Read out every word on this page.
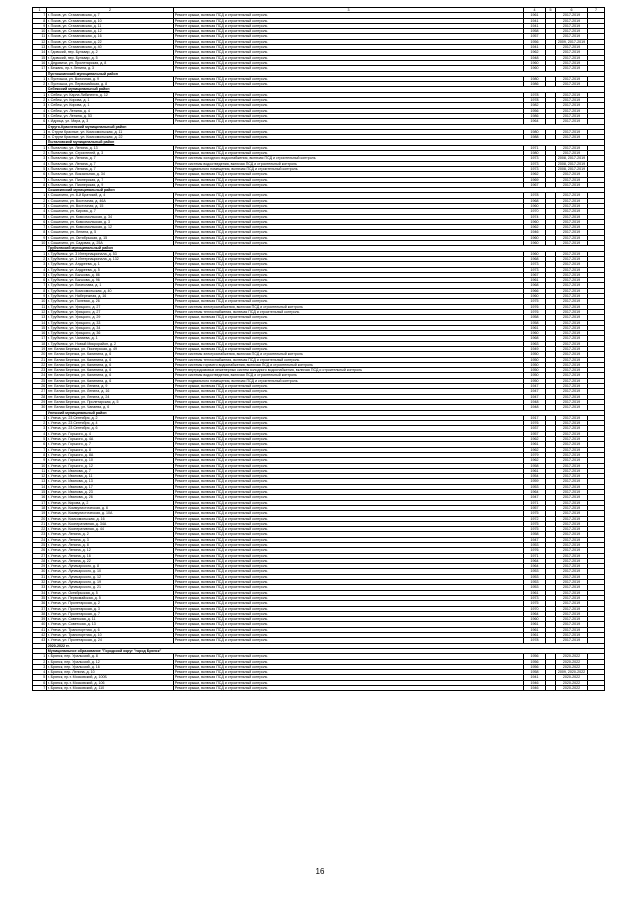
1	2	3	4	5	6	7
7	г. Псков, ул. Стахановская, д. 7	Ремонт крыши, включая ПСД и строительный контроль	1961		2017-2019	
8	г. Псков, ул. Стахановская, д. 10	Ремонт крыши, включая ПСД и строительный контроль	1941		2017-2019	
9	г. Псков, ул. Стахановская, д. 11	Ремонт крыши, включая ПСД и строительный контроль	1941		2017-2019	
10	г. Псков, ул. Стахановская, д. 12	Ремонт крыши, включая ПСД и строительный контроль	1958		2017-2019	
11	г. Псков, ул. Стахановская, д. 16	Ремонт крыши, включая ПСД и строительный контроль	1957		2017-2019	
12	г. Псков, ул. Стахановская, д. 22	Ремонт крыши, включая ПСД и строительный контроль	1956		2009, 2017-2019	
13	г. Псков, ул. Стахановская, д. 40	Ремонт крыши, включая ПСД и строительный контроль	1941		2017-2019	
14	г. Гдовский, пер. Бульвар, д. 2	Ремонт крыши, включая ПСД и строительный контроль	1962		2017-2019	
15	г. Гдовский, пер. Бульвар, д. 5	Ремонт крыши, включая ПСД и строительный контроль	1948		2017-2019	
16	г. Дедовичи, ул. Пролетарская, д. 8	Ремонт крыши, включая ПСД и строительный контроль	1960		2017-2019	
17	г. Бежань, пр-т. Ленина, д. 3	Ремонт крыши, включая ПСД и строительный контроль	1960		2017-2019	
	Пустошкинский муниципальный район					
1	г. Пустошка, ул. Волочная, д. 9	Ремонт крыши, включая ПСД и строительный контроль	1980		2017-2019	
2	г. Пустошка, ул. Первомайская, д. 8	Ремонт крыши, включая ПСД и строительный контроль	1986		2017-2019	
	Себежский муниципальный район					
1	г. Себеж, ул. Карла Либкнехта, д. 12	Ремонт крыши, включая ПСД и строительный контроль	1978		2017-2019	
2	г. Себеж, ул. Кирова, д. 1	Ремонт крыши, включая ПСД и строительный контроль	1978		2017-2019	
3	г. Себеж, ул. Кирова, д. 1	Ремонт крыши, включая ПСД и строительный контроль	1982		2017-2019	
4	г. Себеж, ул. Ленина, д. 4	Ремонт крыши, включая ПСД и строительный контроль	1956		2017-2019	
5	г. Себеж, ул. Ленина, д. 53	Ремонт крыши, включая ПСД и строительный контроль	1986		2017-2019	
6	г. Идрица, ул. Мира, д. 3	Ремонт крыши, включая ПСД и строительный контроль	1964		2017-2019	
	Струго-Красненский муниципальный район					
1	п. Струги Красные, ул. Комсомольская, д. 11	Ремонт крыши, включая ПСД и строительный контроль	1980		2017-2019	
2	п. Струги Красные, ул. Комсомольская, д. 22	Ремонт крыши, включая ПСД и строительный контроль	1988		2017-2019	
	Пыталовский муниципальный район					
1	г. Пыталово, ул. Ленина, д. 13	Ремонт крыши, включая ПСД и строительный контроль	1971		2017-2019	
2	г. Пыталово, ул. Строителей, д. 3	Ремонт крыши, включая ПСД и строительный контроль	1980		2017-2019	
3	г. Пыталово, ул. Ленина, д. 7	Ремонт системы холодного водоснабжения, включая ПСД и строительный контроль	1973		2008, 2017-2019	
4	г. Пыталово, ул. Ленина, д. 7	Ремонт системы водоотведения, включая ПСД и строительный контроль	1973		2008, 2017-2019	
5	г. Пыталово, ул. Ленина, д. 7	Ремонт подвального помещения, включая ПСД и строительный контроль	1973		2008, 2017-2019	
6	г. Пыталово, ул. Вокзальная, д. 34	Ремонт крыши, включая ПСД и строительный контроль	1962		2017-2019	
7	г. Пыталово, ул. Пионерская, д. 7	Ремонт крыши, включая ПСД и строительный контроль	1969		2017-2019	
8	г. Пыталово, ул. Пионерская, д. 9	Ремонт крыши, включая ПСД и строительный контроль	1967		2017-2019	
	Сошихинский муниципальный район					
1	г. Сошихино, ул. 8-й Братский, д. 4	Ремонт крыши, включая ПСД и строительный контроль	1978		2017-2019	
2	г. Сошихино, ул. Восточная, д. 46А	Ремонт крыши, включая ПСД и строительный контроль	1968		2017-2019	
3	г. Сошихино, ул. Восточная, д. 15	Ремонт крыши, включая ПСД и строительный контроль	1960		2017-2019	
4	г. Сошихино, ул. Кирова, д. 7	Ремонт крыши, включая ПСД и строительный контроль	1970		2017-2019	
5	г. Сошихино, ул. Комсомольская, д. 34	Ремонт крыши, включая ПСД и строительный контроль	1974		2017-2019	
6	г. Сошихино, ул. Комсомольская, д. 3	Ремонт крыши, включая ПСД и строительный контроль	1960		2017-2019	
7	г. Сошихино, ул. Комсомольская, д. 12	Ремонт крыши, включая ПСД и строительный контроль	1962		2017-2019	
8	г. Сошихино, ул. Ленина, д. 5	Ремонт крыши, включая ПСД и строительный контроль	1946		2017-2019	
9	г. Сошихино, ул. Октябрьская, д. 15	Ремонт крыши, включая ПСД и строительный контроль	1960		2017-2019	
10	г. Сошихино, ул. Садовая, д. 25А	Ремонт крыши, включая ПСД и строительный контроль	1960		2017-2019	
	Трубчевский муниципальный район					
1	г. Трубчевск, ул. 3 Интернационала, д. 53	Ремонт крыши, включая ПСД и строительный контроль	1960		2017-2019	
2	г. Трубчевск, ул. 3 Интернационала, д. 132	Ремонт крыши, включая ПСД и строительный контроль	1968		2017-2019	
3	г. Трубчевск, ул. Андреева, д. 1	Ремонт крыши, включая ПСД и строительный контроль	1973		2017-2019	
4	г. Трубчевск, ул. Андреева, д. 5	Ремонт крыши, включая ПСД и строительный контроль	1973		2017-2019	
5	г. Трубчевск, ул. Бычкова, д. 86	Ремонт крыши, включая ПСД и строительный контроль	1967		2017-2019	
6	г. Трубчевск, ул. Бычкова, д. 96	Ремонт крыши, включая ПСД и строительный контроль	1961		2017-2019	
7	г. Трубчевск, ул. Вячеслава, д. 1	Ремонт крыши, включая ПСД и строительный контроль	1968		2017-2019	
8	г. Трубчевск, ул. Комсомольская, д. 40	Ремонт крыши, включая ПСД и строительный контроль	1966		2017-2019	
9	г. Трубчевск, ул. Набережная, д. 16	Ремонт крыши, включая ПСД и строительный контроль	1960		2017-2019	
10	г. Трубчевск, ул. Полевая, д. 26	Ремонт крыши, включая ПСД и строительный контроль	1975		2017-2019	
11	г. Трубчевск, ул. Урицкого, д. 27	Ремонт системы электроснабжения, включая ПСД и строительный контроль	1976		2017-2019	
12	г. Трубчевск, ул. Урицкого, д. 27	Ремонт системы теплоснабжения, включая ПСД и строительный контроль	1976		2017-2019	
13	г. Трубчевск, ул. Урицкого, д. 29	Ремонт крыши, включая ПСД и строительный контроль	1958		2017-2019	
14	г. Трубчевск, ул. Урицкого, д. 33	Ремонт крыши, включая ПСД и строительный контроль	1958		2017-2019	
15	г. Трубчевск, ул. Урицкого, д. 34	Ремонт крыши, включая ПСД и строительный контроль	1961		2017-2019	
16	г. Трубчевск, ул. Урицкого, д. 36	Ремонт крыши, включая ПСД и строительный контроль	1960		2017-2019	
17	г. Трубчевск, ул. Чапаева, д. 1	Ремонт крыши, включая ПСД и строительный контроль	1968		2017-2019	
18	г. Трубчевск, ул. Новый Микрорайон, д. 2	Ремонт крыши, включая ПСД и строительный контроль	1963		2017-2019	
19	пгт. Белая Березка, ул. Пионерская, д. 49	Ремонт крыши, включая ПСД и строительный контроль	1949		2017-2019	
20	пгт. Белая Березка, ул. Калинина, д. 6	Ремонт системы электроснабжения, включая ПСД и строительный контроль	1950		2017-2019	
21	пгт. Белая Березка, ул. Калинина, д. 6	Ремонт системы теплоснабжения, включая ПСД и строительный контроль	1950		2017-2019	
22	пгт. Белая Березка, ул. Калинина, д. 6	Ремонт системы горячего водоснабжения, включая ПСД и строительный контроль	1950		2017-2019	
23	пгт. Белая Березка, ул. Калинина, д. 6	Ремонт внутридомовых инженерных систем холодного водоснабжения, включая ПСД и строительный контроль	1950		2017-2019	
24	пгт. Белая Березка, ул. Калинина, д. 6	Ремонт системы водоотведения, включая ПСД и строительный контроль	1950		2017-2019	
25	пгт. Белая Березка, ул. Калинина, д. 6	Ремонт подвального помещения, включая ПСД и строительный контроль	1950		2017-2019	
26	пгт. Белая Березка, ул. Ленина, д. 9	Ремонт крыши, включая ПСД и строительный контроль	1947		2017-2019	
27	пгт. Белая Березка, ул. Ленина, д. 16	Ремонт крыши, включая ПСД и строительный контроль	1947		2017-2019	
28	пгт. Белая Березка, ул. Ленина, д. 24	Ремонт крыши, включая ПСД и строительный контроль	1947		2017-2019	
29	пгт. Белая Березка, ул. Пролетарская, д. 5	Ремонт крыши, включая ПСД и строительный контроль	1948		2017-2019	
30	пгт. Белая Березка, ул. Чапаева, д. 6	Ремонт крыши, включая ПСД и строительный контроль	1948		2017-2019	
	Унечский муниципальный район					
1	г. Унеча, ул. 23 Сентября, д. 2	Ремонт крыши, включая ПСД и строительный контроль	1917		2017-2019	
2	г. Унеча, ул. 23 Сентября, д. 4	Ремонт крыши, включая ПСД и строительный контроль	1976		2017-2019	
3	г. Унеча, ул. 23 Сентября, д. 6	Ремонт крыши, включая ПСД и строительный контроль	1937		2017-2019	
4	г. Унеча, ул. Горького, д. 4	Ремонт крыши, включая ПСД и строительный контроль	1957		2017-2019	
5	г. Унеча, ул. Горького, д. 4А	Ремонт крыши, включая ПСД и строительный контроль	1962		2017-2019	
6	г. Унеча, ул. Горького, д. 7	Ремонт крыши, включая ПСД и строительный контроль	1961		2017-2019	
7	г. Унеча, ул. Горького, д. 8	Ремонт крыши, включая ПСД и строительный контроль	1962		2017-2019	
8	г. Унеча, ул. Горького, д. 8А	Ремонт крыши, включая ПСД и строительный контроль	1979		2017-2019	
9	г. Унеча, ул. Горького, д. 10	Ремонт крыши, включая ПСД и строительный контроль	1962		2017-2019	
10	г. Унеча, ул. Горького, д. 12	Ремонт крыши, включая ПСД и строительный контроль	1958		2017-2019	
11	г. Унеча, ул. Иванова, д. 7	Ремонт крыши, включая ПСД и строительный контроль	1961		2017-2019	
12	г. Унеча, ул. Иванова, д. 11	Ремонт крыши, включая ПСД и строительный контроль	1954		2017-2019	
13	г. Унеча, ул. Иванова, д. 13	Ремонт крыши, включая ПСД и строительный контроль	1959		2017-2019	
14	г. Унеча, ул. Иванова, д. 17	Ремонт крыши, включая ПСД и строительный контроль	1953		2017-2019	
15	г. Унеча, ул. Иванова, д. 23	Ремонт крыши, включая ПСД и строительный контроль	1964		2017-2019	
16	г. Унеча, ул. Иванова, д. 26	Ремонт крыши, включая ПСД и строительный контроль	1947		2017-2019	
17	г. Унеча, ул. Кирова, д. 2	Ремонт крыши, включая ПСД и строительный контроль	1971		2017-2019	
18	г. Унеча, ул. Коммунистическая, д. 6	Ремонт крыши, включая ПСД и строительный контроль	1957		2017-2019	
19	г. Унеча, ул. Коммунистическая, д. 10А	Ремонт крыши, включая ПСД и строительный контроль	1975		2017-2019	
20	г. Унеча, ул. Комсомольская, д. 16	Ремонт крыши, включая ПСД и строительный контроль	1972		2017-2019	
21	г. Унеча, ул. Кооперативная, д. 34А	Ремонт крыши, включая ПСД и строительный контроль	1975		2017-2019	
22	г. Унеча, ул. Кооперативная, д. 44	Ремонт крыши, включая ПСД и строительный контроль	1975		2017-2019	
23	г. Унеча, ул. Ленина, д. 2	Ремонт крыши, включая ПСД и строительный контроль	1958		2017-2019	
24	г. Унеча, ул. Ленина, д. 3	Ремонт крыши, включая ПСД и строительный контроль	1947		2017-2019	
25	г. Унеча, ул. Ленина, д. 8	Ремонт крыши, включая ПСД и строительный контроль	1953		2017-2019	
26	г. Унеча, ул. Ленина, д. 12	Ремонт крыши, включая ПСД и строительный контроль	1976		2017-2019	
27	г. Унеча, ул. Ленина, д. 16	Ремонт крыши, включая ПСД и строительный контроль	1971		2017-2019	
28	г. Унеча, ул. Ленина, д. 22	Ремонт крыши, включая ПСД и строительный контроль	1964		2017-2019	
29	г. Унеча, ул. Луначарского, д. 8	Ремонт крыши, включая ПСД и строительный контроль	1964		2017-2019	
30	г. Унеча, ул. Луначарского, д. 10	Ремонт крыши, включая ПСД и строительный контроль	1953		2017-2019	
31	г. Унеча, ул. Луначарского, д. 12	Ремонт крыши, включая ПСД и строительный контроль	1953		2017-2019	
32	г. Унеча, ул. Луначарского, д. 19	Ремонт крыши, включая ПСД и строительный контроль	1953		2017-2019	
33	г. Унеча, ул. Луначарского, д. 21	Ремонт крыши, включая ПСД и строительный контроль	1953		2017-2019	
34	г. Унеча, ул. Октябрьская, д. 5	Ремонт крыши, включая ПСД и строительный контроль	1961		2017-2019	
35	г. Унеча, ул. Первомайская, д. 5	Ремонт крыши, включая ПСД и строительный контроль	1973		2017-2019	
36	г. Унеча, ул. Пролетарская, д. 2	Ремонт крыши, включая ПСД и строительный контроль	1975		2017-2019	
37	г. Унеча, ул. Пролетарская, д. 3	Ремонт крыши, включая ПСД и строительный контроль	1970		2017-2019	
38	г. Унеча, ул. Пролетарская, д. 7	Ремонт крыши, включая ПСД и строительный контроль	1964		2017-2019	
39	г. Унеча, ул. Советская, д. 11	Ремонт крыши, включая ПСД и строительный контроль	1960		2017-2019	
40	г. Унеча, ул. Советская, д. 13	Ремонт крыши, включая ПСД и строительный контроль	1961		2017-2019	
41	г. Унеча, ул. Транспортная, д. 6	Ремонт крыши, включая ПСД и строительный контроль	1961		2017-2019	
42	г. Унеча, ул. Транспортная, д. 10	Ремонт крыши, включая ПСД и строительный контроль	1961		2017-2019	
43	г. Унеча, ул. Пролетарская, д. 24	Ремонт крыши, включая ПСД и строительный контроль	1978		2017-2019	
	2020-2022 гг.					
	Муниципальное образование "Городской округ "город Брянск"					
1	г. Брянск, пер. Уральский, д. 8	Ремонт крыши, включая ПСД и строительный контроль	1956		2020-2022	
2	г. Брянск, пер. Уральский, д. 12	Ремонт крыши, включая ПСД и строительный контроль	1956		2020-2022	
3	г. Брянск, пер. Уральский, д. 16	Ремонт крыши, включая ПСД и строительный контроль	1956		2020-2022	
4	г. Брянск, пер. Ленина, д. 10	Ремонт крыши, включая ПСД и строительный контроль	1958		2009, 2020-2022	
5	г. Брянск, пр-т. Московский, д. 100Б	Ремонт крыши, включая ПСД и строительный контроль	1941		2020-2022	
6	г. Брянск, пр-т. Московский, д. 106	Ремонт крыши, включая ПСД и строительный контроль	1946		2020-2022	
7	г. Брянск, пр-т. Московский, д. 110	Ремонт крыши, включая ПСД и строительный контроль	1946		2020-2022	
16
